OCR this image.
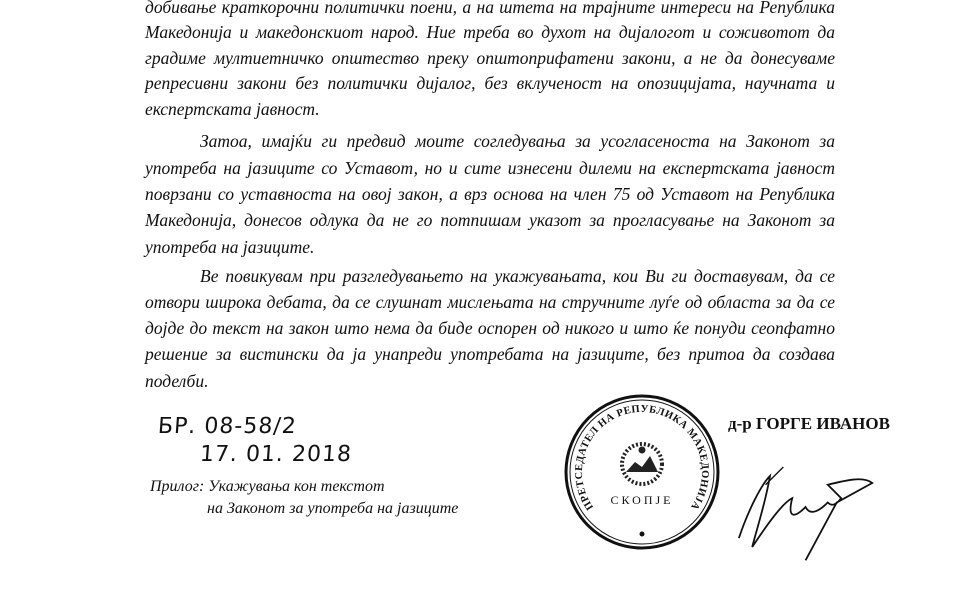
добивање краткорочни политички поени, а на штета на трајните интереси на Република
Македонија и македонскиот народ. Ние треба во духот на дијалогот и соживотот да
градиме мултиетничко општество преку општоприфатени закони, а не да донесуваме
репресивни закони без политички дијалог, без вклученост на опозицијата, научната и
експертската јавност.
Затоа, имајќи ги предвид моите согледувања за усогласеноста на Законот за
употреба на јазиците со Уставот, но и сите изнесени дилеми на експертската јавност
поврзани со уставноста на овој закон, а врз основа на член 75 од Уставот на Република
Македонија, донесов одлука да не го потпишам указот за прогласување на Законот за
употреба на јазиците.
Ве повикувам при разгледувањето на укажувањата, кои Ви ги доставувам, да се
отвори широка дебата, да се слушнат мислењата на стручните луѓе од областа за да се
дојде до текст на закон што нема да биде оспорен од никого и што ќе понуди сеопфатно
решение за вистински да ја унапреди употребата на јазиците, без притоа да создава
поделби.
БР. 08-58/2
17. 01. 2018
Прилог: Укажувања кон текстот
на Законот за употреба на јазиците	ПРЕТСЕДАТЕЛ НА РЕПУБЛИКА МАКЕДОНИЈА
СКОПЈЕ
д-р ГОРГЕ ИВАНОВ
